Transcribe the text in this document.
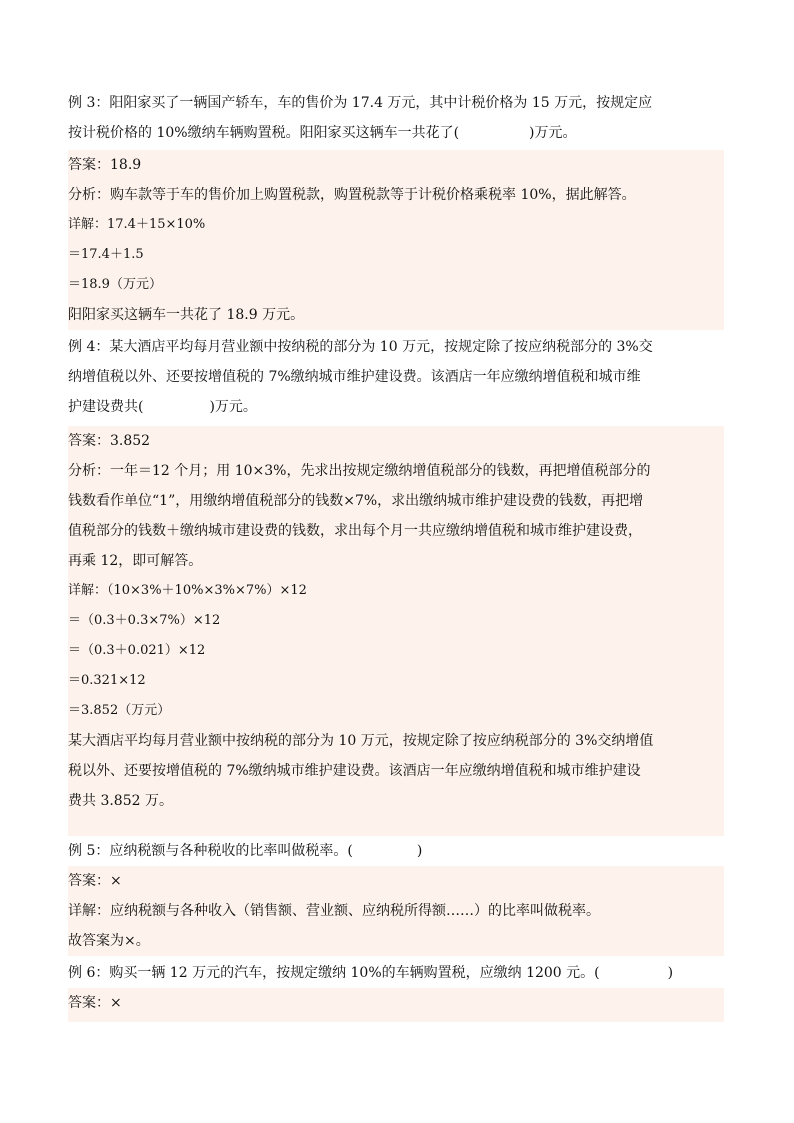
例 3：阳阳家买了一辆国产轿车，车的售价为 17.4 万元，其中计税价格为 15 万元，按规定应
按计税价格的 10%缴纳车辆购置税。阳阳家买这辆车一共花了(	)万元。
答案：18.9
分析：购车款等于车的售价加上购置税款，购置税款等于计税价格乘税率 10%，据此解答。
详解：17.4＋15×10%
＝17.4＋1.5
＝18.9（万元）
阳阳家买这辆车一共花了 18.9 万元。
例 4：某大酒店平均每月营业额中按纳税的部分为 10 万元，按规定除了按应纳税部分的 3%交
纳增值税以外、还要按增值税的 7%缴纳城市维护建设费。该酒店一年应缴纳增值税和城市维
护建设费共(	)万元。
答案：3.852
分析：一年＝12 个月；用 10×3%，先求出按规定缴纳增值税部分的钱数，再把增值税部分的
钱数看作单位“1”，用缴纳增值税部分的钱数×7%，求出缴纳城市维护建设费的钱数，再把增
值税部分的钱数＋缴纳城市建设费的钱数，求出每个月一共应缴纳增值税和城市维护建设费，
再乘 12，即可解答。
详解：（10×3%＋10%×3%×7%）×12
＝（0.3＋0.3×7%）×12
＝（0.3＋0.021）×12
＝0.321×12
＝3.852（万元）
某大酒店平均每月营业额中按纳税的部分为 10 万元，按规定除了按应纳税部分的 3%交纳增值
税以外、还要按增值税的 7%缴纳城市维护建设费。该酒店一年应缴纳增值税和城市维护建设
费共 3.852 万。
例 5：应纳税额与各种税收的比率叫做税率。(	)
答案：×
详解：应纳税额与各种收入（销售额、营业额、应纳税所得额……）的比率叫做税率。
故答案为×。
例 6：购买一辆 12 万元的汽车，按规定缴纳 10%的车辆购置税，应缴纳 1200 元。(	)
答案：×
